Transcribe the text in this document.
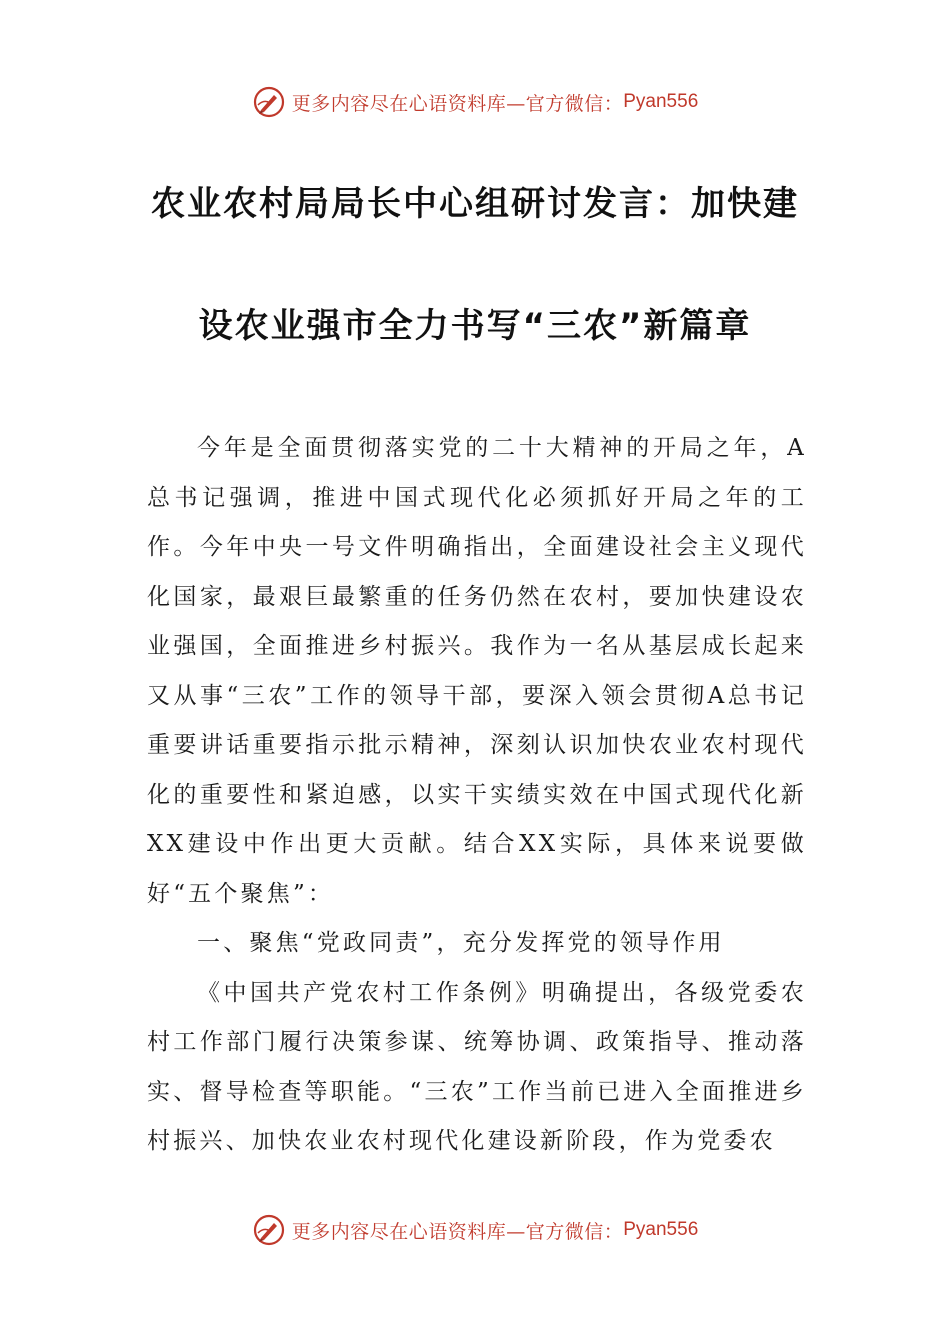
更多内容尽在心语资料库—官方微信： Pyan556
农业农村局局长中心组研讨发言：加快建
设农业强市全力书写“三农”新篇章

今年是全面贯彻落实党的二十大精神的开局之年，A总书记强调，推进中国式现代化必须抓好开局之年的工作。今年中央一号文件明确指出，全面建设社会主义现代化国家，最艰巨最繁重的任务仍然在农村，要加快建设农业强国，全面推进乡村振兴。我作为一名从基层成长起来又从事“三农”工作的领导干部，要深入领会贯彻A总书记重要讲话重要指示批示精神，深刻认识加快农业农村现代化的重要性和紧迫感，以实干实绩实效在中国式现代化新XX建设中作出更大贡献。结合XX实际，具体来说要做好“五个聚焦”：

一、聚焦“党政同责”，充分发挥党的领导作用

《中国共产党农村工作条例》明确提出，各级党委农村工作部门履行决策参谋、统筹协调、政策指导、推动落实、督导检查等职能。“三农”工作当前已进入全面推进乡村振兴、加快农业农村现代化建设新阶段，作为党委农

更多内容尽在心语资料库—官方微信： Pyan556
